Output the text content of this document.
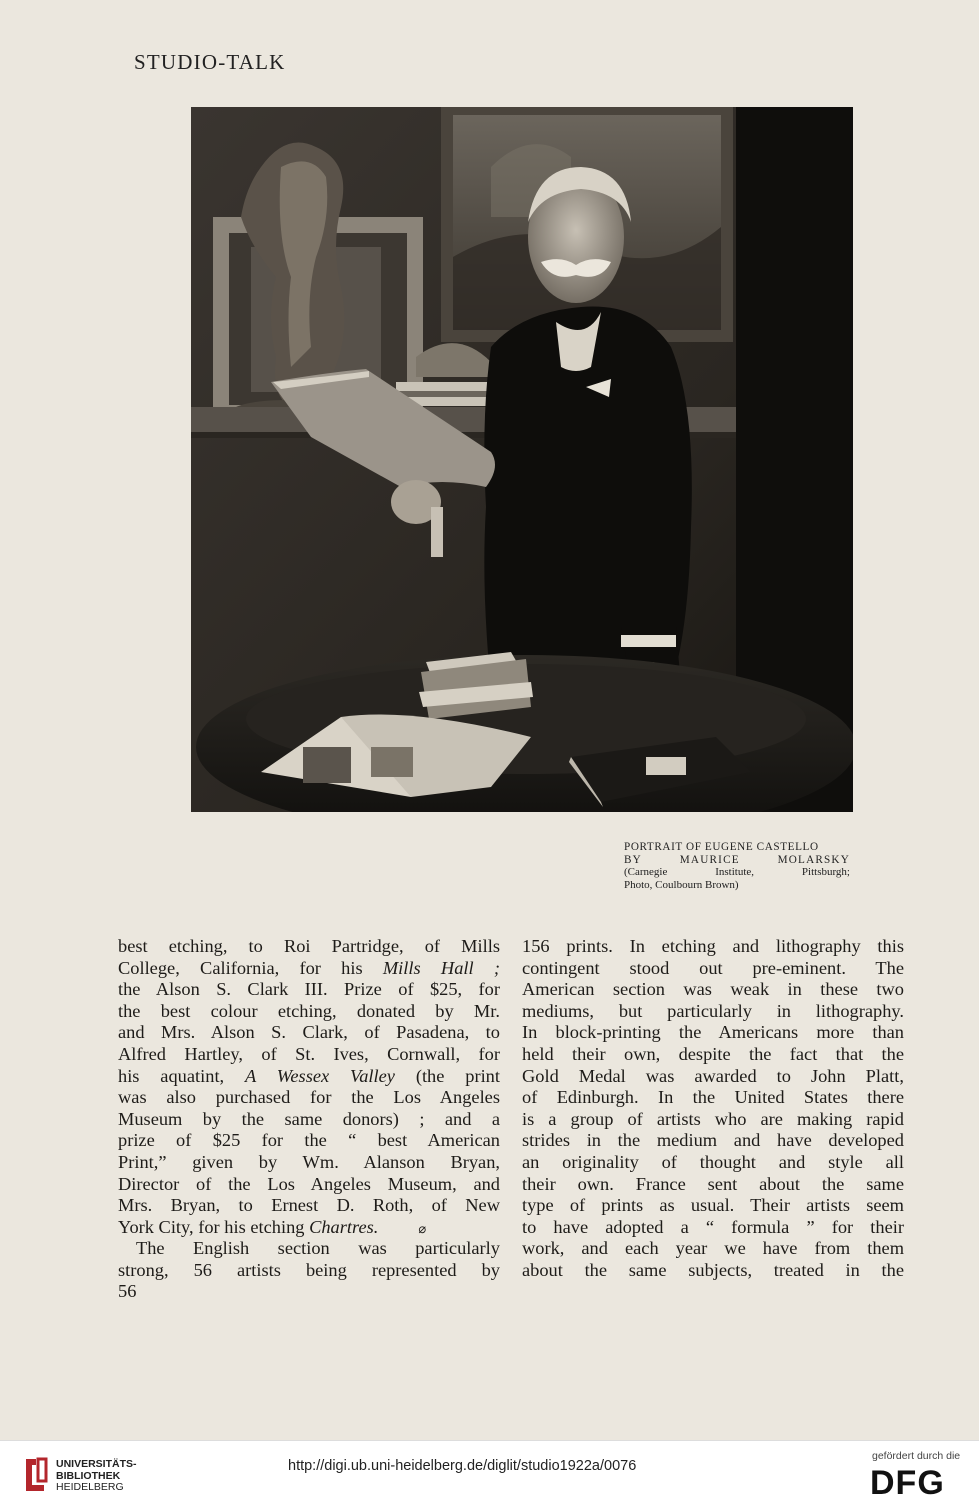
STUDIO-TALK
PORTRAIT OF EUGENE CASTELLO
BY	MAURICE	MOLARSKY
(Carnegie Institute, Pittsburgh;
Photo, Coulbourn Brown)
best etching, to Roi Partridge, of Mills
College, California, for his Mills Hall ;
the Alson S. Clark III. Prize of $25, for
the best colour etching, donated by Mr.
and Mrs. Alson S. Clark, of Pasadena, to
Alfred Hartley, of St. Ives, Cornwall, for
his aquatint, A Wessex Valley (the print
was also purchased for the Los Angeles
Museum by the same donors) ; and a
prize of $25 for the “ best American
Print,” given by Wm. Alanson Bryan,
Director of the Los Angeles Museum, and
Mrs. Bryan, to Ernest D. Roth, of New
York City, for his etching Chartres.	⌀
The English section was particularly
strong, 56 artists being represented by
56
156 prints. In etching and lithography this
contingent stood out pre-eminent. The
American section was weak in these two
mediums, but particularly in lithography.
In block-printing the Americans more than
held their own, despite the fact that the
Gold Medal was awarded to John Platt,
of Edinburgh. In the United States there
is a group of artists who are making rapid
strides in the medium and have developed
an originality of thought and style all
their own. France sent about the same
type of prints as usual. Their artists seem
to have adopted a “ formula ” for their
work, and each year we have from them
about the same subjects, treated in the
UNIVERSITÄTS-
BIBLIOTHEK
HEIDELBERG
http://digi.ub.uni-heidelberg.de/diglit/studio1922a/0076
gefördert durch die
DFG
